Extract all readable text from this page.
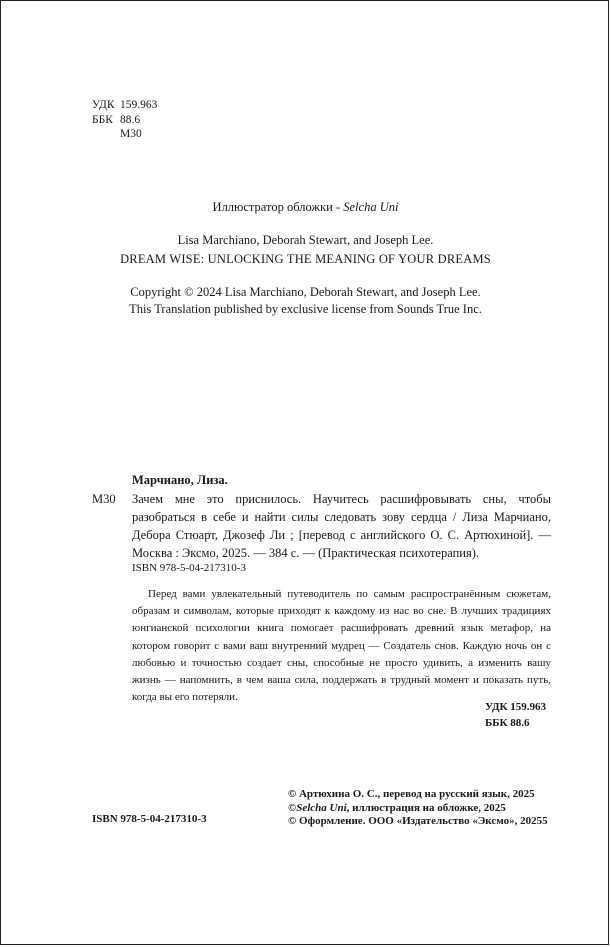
УДК 159.963
ББК 88.6
М30
Иллюстратор обложки - Selcha Uni
Lisa Marchiano, Deborah Stewart, and Joseph Lee.
DREAM WISE: UNLOCKING THE MEANING OF YOUR DREAMS
Copyright © 2024 Lisa Marchiano, Deborah Stewart, and Joseph Lee.
This Translation published by exclusive license from Sounds True Inc.
Марчиано, Лиза.
М30 Зачем мне это приснилось. Научитесь расшифровывать сны, чтобы разобраться в себе и найти силы следовать зову сердца / Лиза Марчиано, Дебора Стюарт, Джозеф Ли ; [перевод с английского О. С. Артюхиной]. — Москва : Эксмо, 2025. — 384 с. — (Практическая психотерапия).
ISBN 978-5-04-217310-3
Перед вами увлекательный путеводитель по самым распространённым сюжетам, образам и символам, которые приходят к каждому из нас во сне. В лучших традициях юнгианской психологии книга помогает расшифровать древний язык метафор, на котором говорит с вами ваш внутренний мудрец — Создатель снов. Каждую ночь он с любовью и точностью создает сны, способные не просто удивить, а изменить вашу жизнь — напомнить, в чем ваша сила, поддержать в трудный момент и показать путь, когда вы его потеряли.
УДК 159.963
ББК 88.6
ISBN 978-5-04-217310-3
© Артюхина О. С., перевод на русский язык, 2025
©Selcha Uni, иллюстрация на обложке, 2025
© Оформление. ООО «Издательство «Эксмо», 20255
